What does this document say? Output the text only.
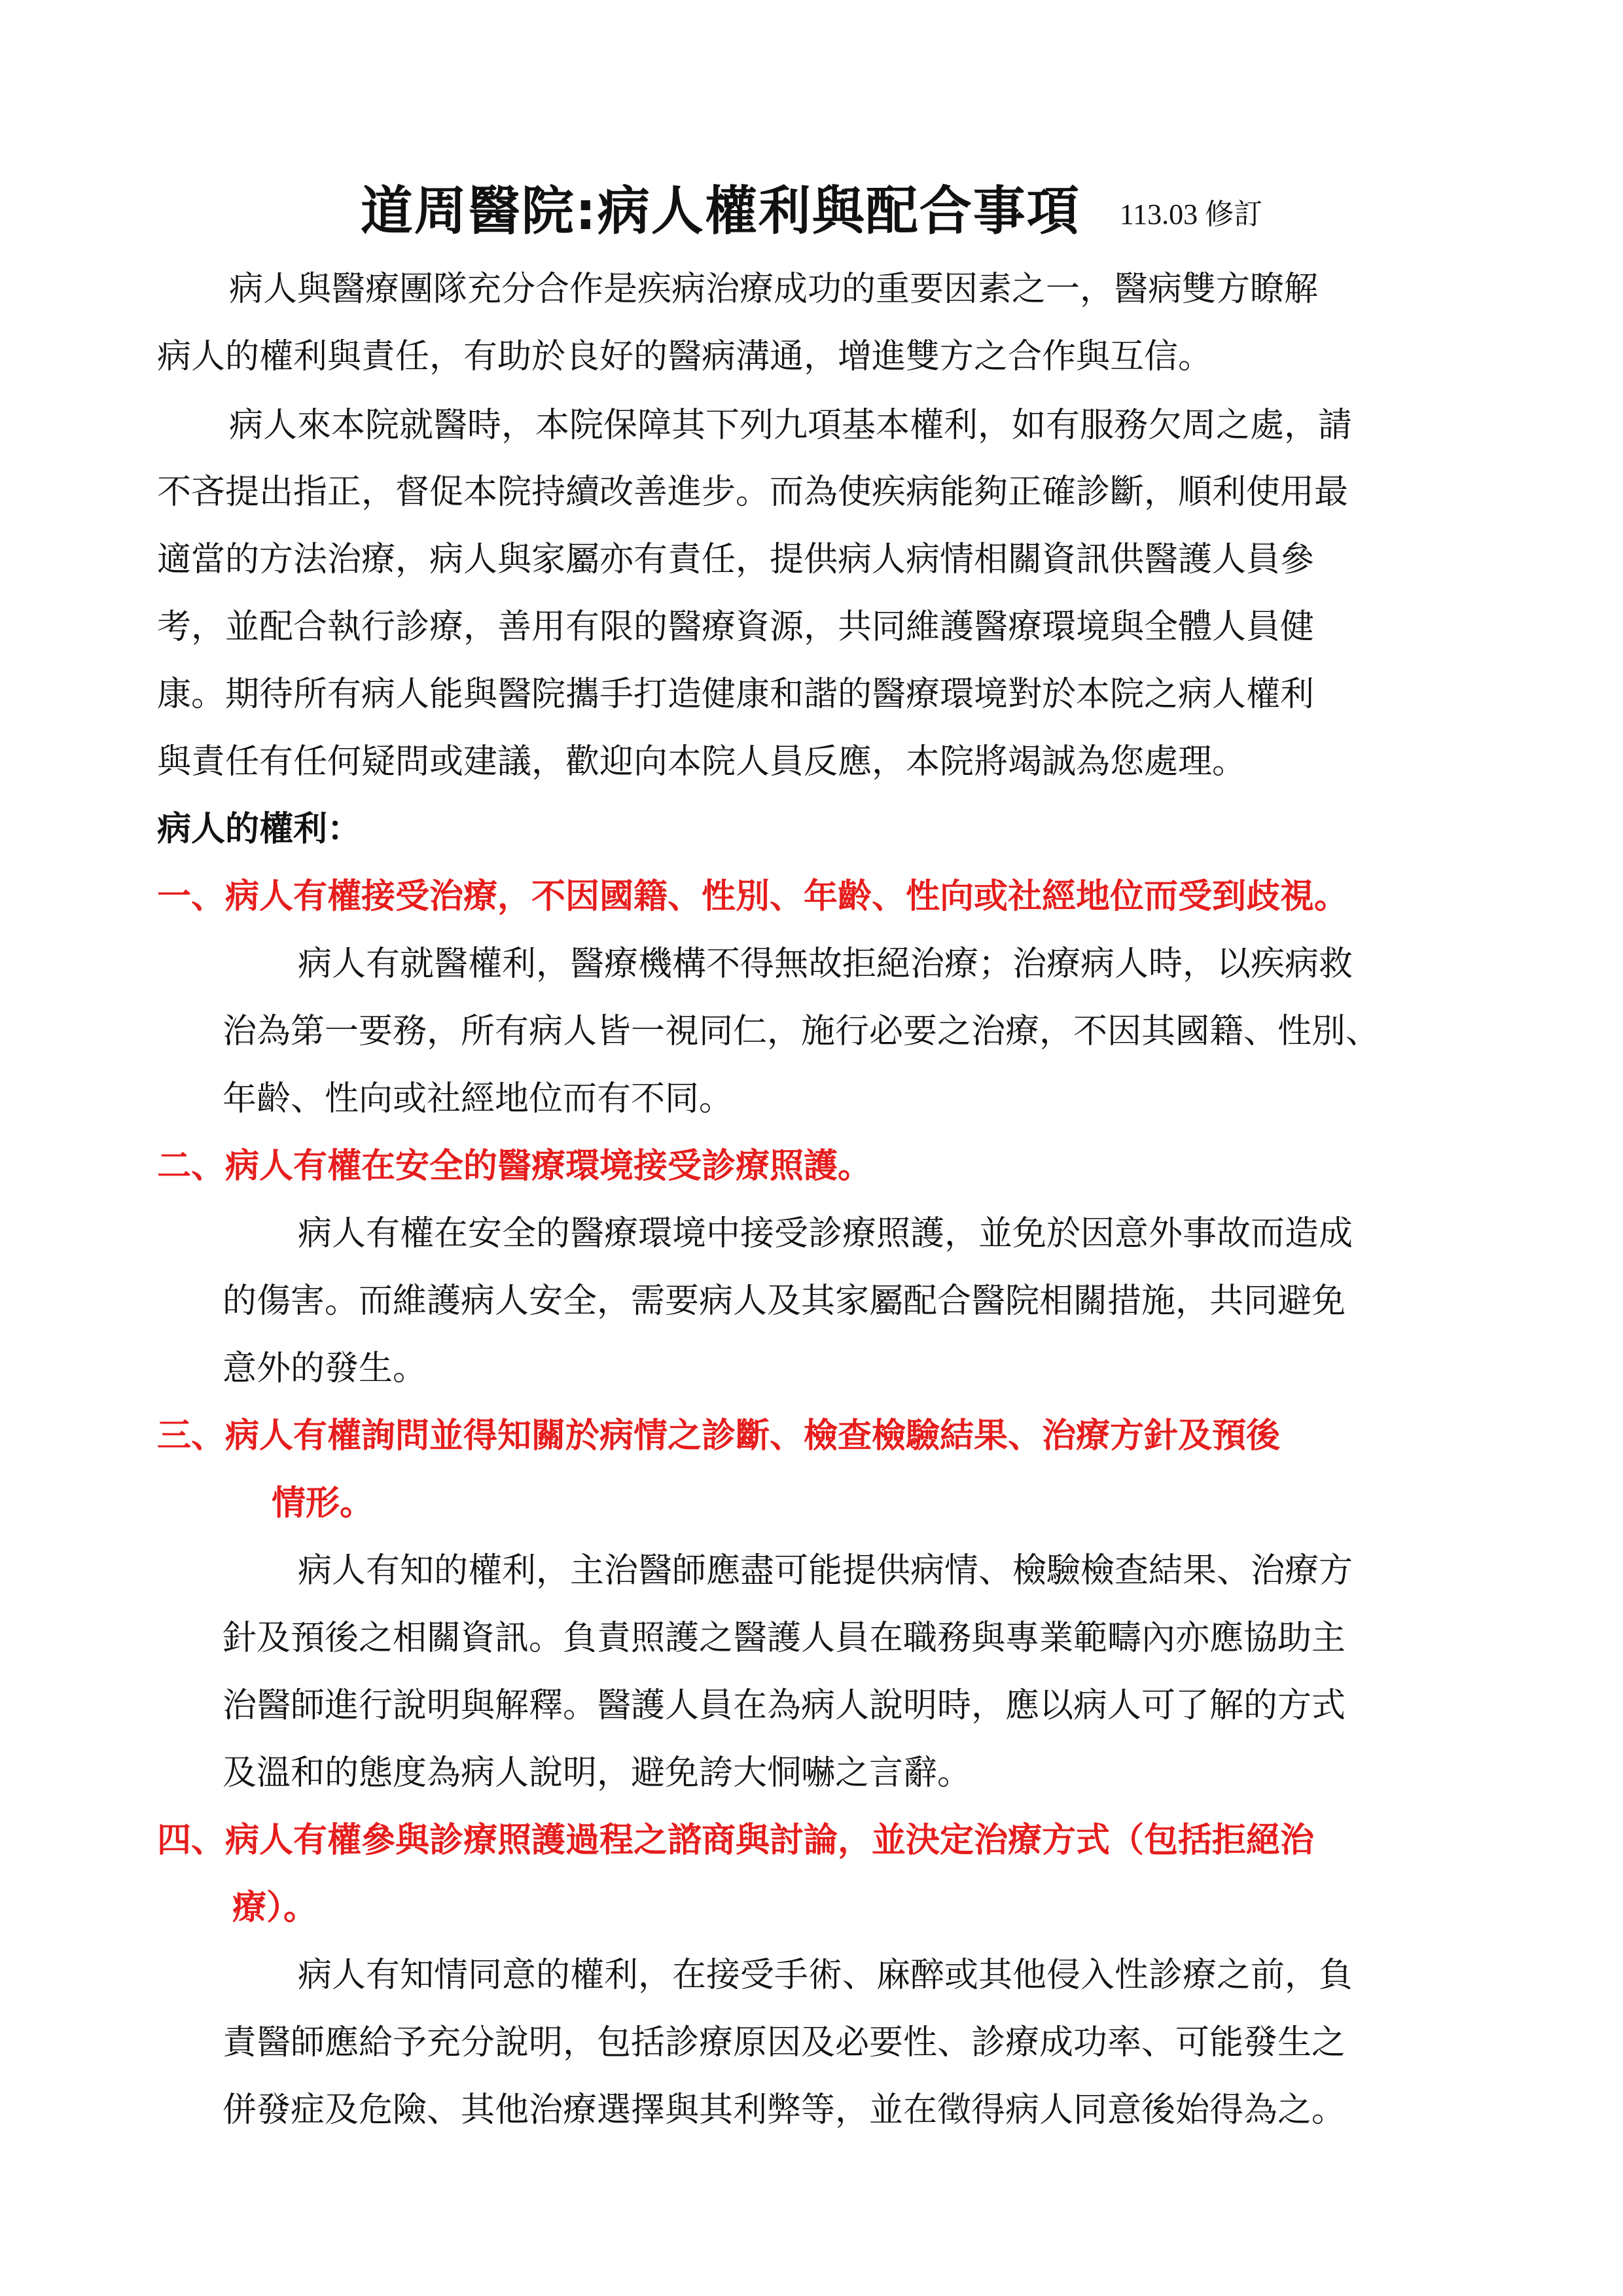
道周醫院:病人權利與配合事項 113.03 修訂
病人與醫療團隊充分合作是疾病治療成功的重要因素之一，醫病雙方瞭解
病人的權利與責任，有助於良好的醫病溝通，增進雙方之合作與互信。
病人來本院就醫時，本院保障其下列九項基本權利，如有服務欠周之處，請
不吝提出指正，督促本院持續改善進步。而為使疾病能夠正確診斷，順利使用最
適當的方法治療，病人與家屬亦有責任，提供病人病情相關資訊供醫護人員參
考，並配合執行診療，善用有限的醫療資源，共同維護醫療環境與全體人員健
康。期待所有病人能與醫院攜手打造健康和諧的醫療環境對於本院之病人權利
與責任有任何疑問或建議，歡迎向本院人員反應，本院將竭誠為您處理。
病人的權利：
一、病人有權接受治療，不因國籍、性別、年齡、性向或社經地位而受到歧視。
病人有就醫權利，醫療機構不得無故拒絕治療；治療病人時，以疾病救
治為第一要務，所有病人皆一視同仁，施行必要之治療，不因其國籍、性別、
年齡、性向或社經地位而有不同。
二、病人有權在安全的醫療環境接受診療照護。
病人有權在安全的醫療環境中接受診療照護，並免於因意外事故而造成
的傷害。而維護病人安全，需要病人及其家屬配合醫院相關措施，共同避免
意外的發生。
三、病人有權詢問並得知關於病情之診斷、檢查檢驗結果、治療方針及預後
情形。
病人有知的權利，主治醫師應盡可能提供病情、檢驗檢查結果、治療方
針及預後之相關資訊。負責照護之醫護人員在職務與專業範疇內亦應協助主
治醫師進行說明與解釋。醫護人員在為病人說明時，應以病人可了解的方式
及溫和的態度為病人說明，避免誇大恫嚇之言辭。
四、病人有權參與診療照護過程之諮商與討論，並決定治療方式（包括拒絕治
療）。
病人有知情同意的權利，在接受手術、麻醉或其他侵入性診療之前，負
責醫師應給予充分說明，包括診療原因及必要性、診療成功率、可能發生之
併發症及危險、其他治療選擇與其利弊等，並在徵得病人同意後始得為之。
